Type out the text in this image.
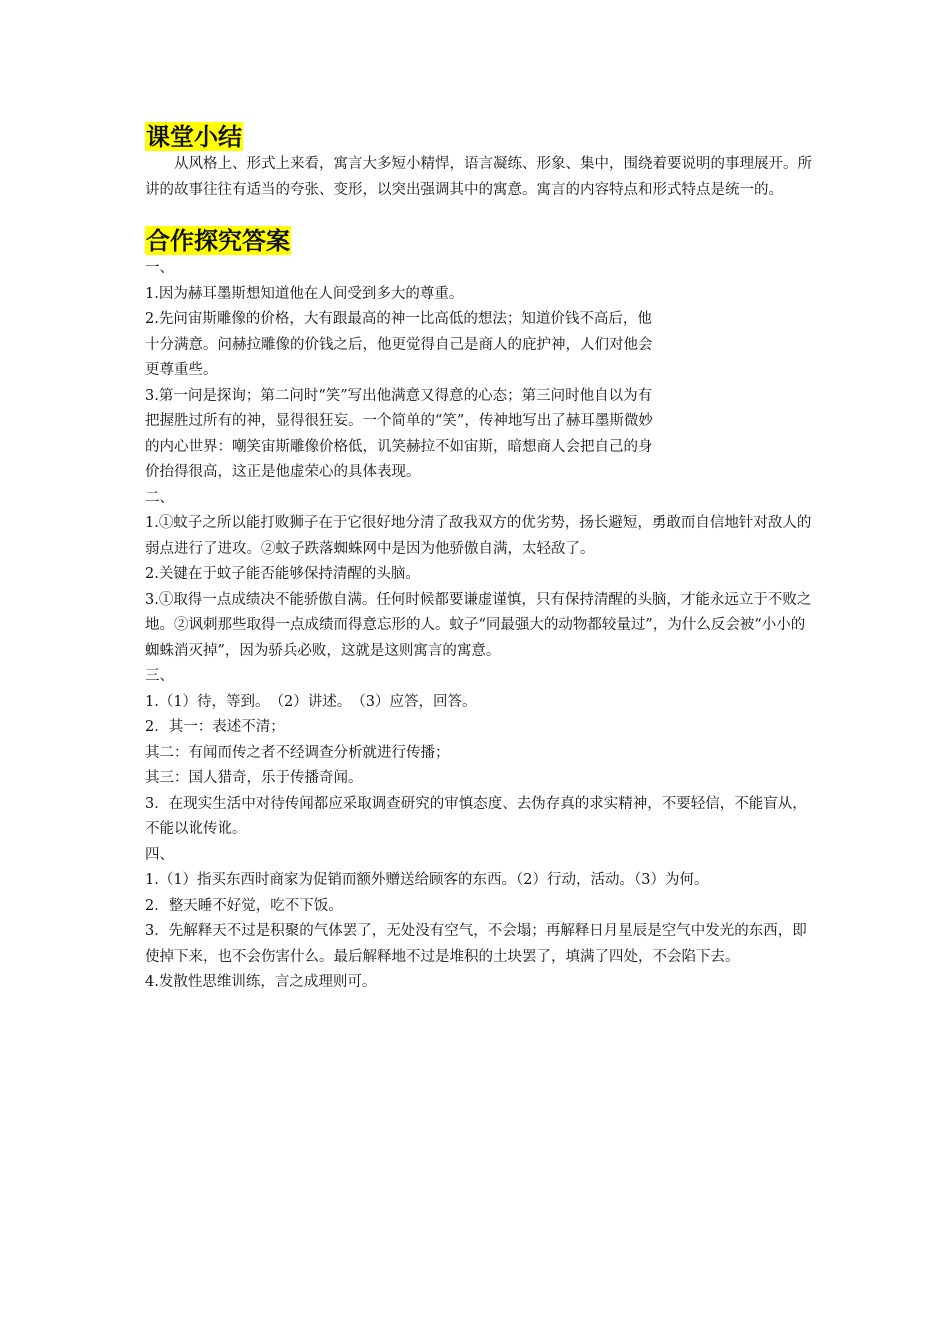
课堂小结

从风格上、形式上来看，寓言大多短小精悍，语言凝练、形象、集中，围绕着要说明的事理展开。所讲的故事往往有适当的夸张、变形，以突出强调其中的寓意。寓言的内容特点和形式特点是统一的。

合作探究答案

一、

1.因为赫耳墨斯想知道他在人间受到多大的尊重。

2.先问宙斯雕像的价格，大有跟最高的神一比高低的想法；知道价钱不高后，他十分满意。问赫拉雕像的价钱之后，他更觉得自己是商人的庇护神，人们对他会更尊重些。

3.第一问是探询；第二问时“笑”写出他满意又得意的心态；第三问时他自以为有把握胜过所有的神，显得很狂妄。一个简单的“笑”，传神地写出了赫耳墨斯微妙的内心世界：嘲笑宙斯雕像价格低，讥笑赫拉不如宙斯，暗想商人会把自己的身价抬得很高，这正是他虚荣心的具体表现。

二、

1.①蚊子之所以能打败狮子在于它很好地分清了敌我双方的优劣势，扬长避短，勇敢而自信地针对敌人的弱点进行了进攻。②蚊子跌落蜘蛛网中是因为他骄傲自满，太轻敌了。

2.关键在于蚊子能否能够保持清醒的头脑。

3.①取得一点成绩决不能骄傲自满。任何时候都要谦虚谨慎，只有保持清醒的头脑，才能永远立于不败之地。②讽刺那些取得一点成绩而得意忘形的人。蚊子“同最强大的动物都较量过”，为什么反会被“小小的蜘蛛消灭掉”，因为骄兵必败，这就是这则寓言的寓意。

三、

1.（1）待，等到。　（2）讲述。　（3）应答，回答。

2．其一：表述不清；

其二：有闻而传之者不经调查分析就进行传播；

其三：国人猎奇，乐于传播奇闻。

3．在现实生活中对待传闻都应采取调查研究的审慎态度、去伪存真的求实精神，不要轻信，不能盲从，不能以讹传讹。

四、

1.（1）指买东西时商家为促销而额外赠送给顾客的东西。（2）行动，活动。（3）为何。

2．整天睡不好觉，吃不下饭。

3．先解释天不过是积聚的气体罢了，无处没有空气，不会塌；再解释日月星辰是空气中发光的东西，即使掉下来，也不会伤害什么。最后解释地不过是堆积的土块罢了，填满了四处，不会陷下去。

4.发散性思维训练，言之成理则可。
